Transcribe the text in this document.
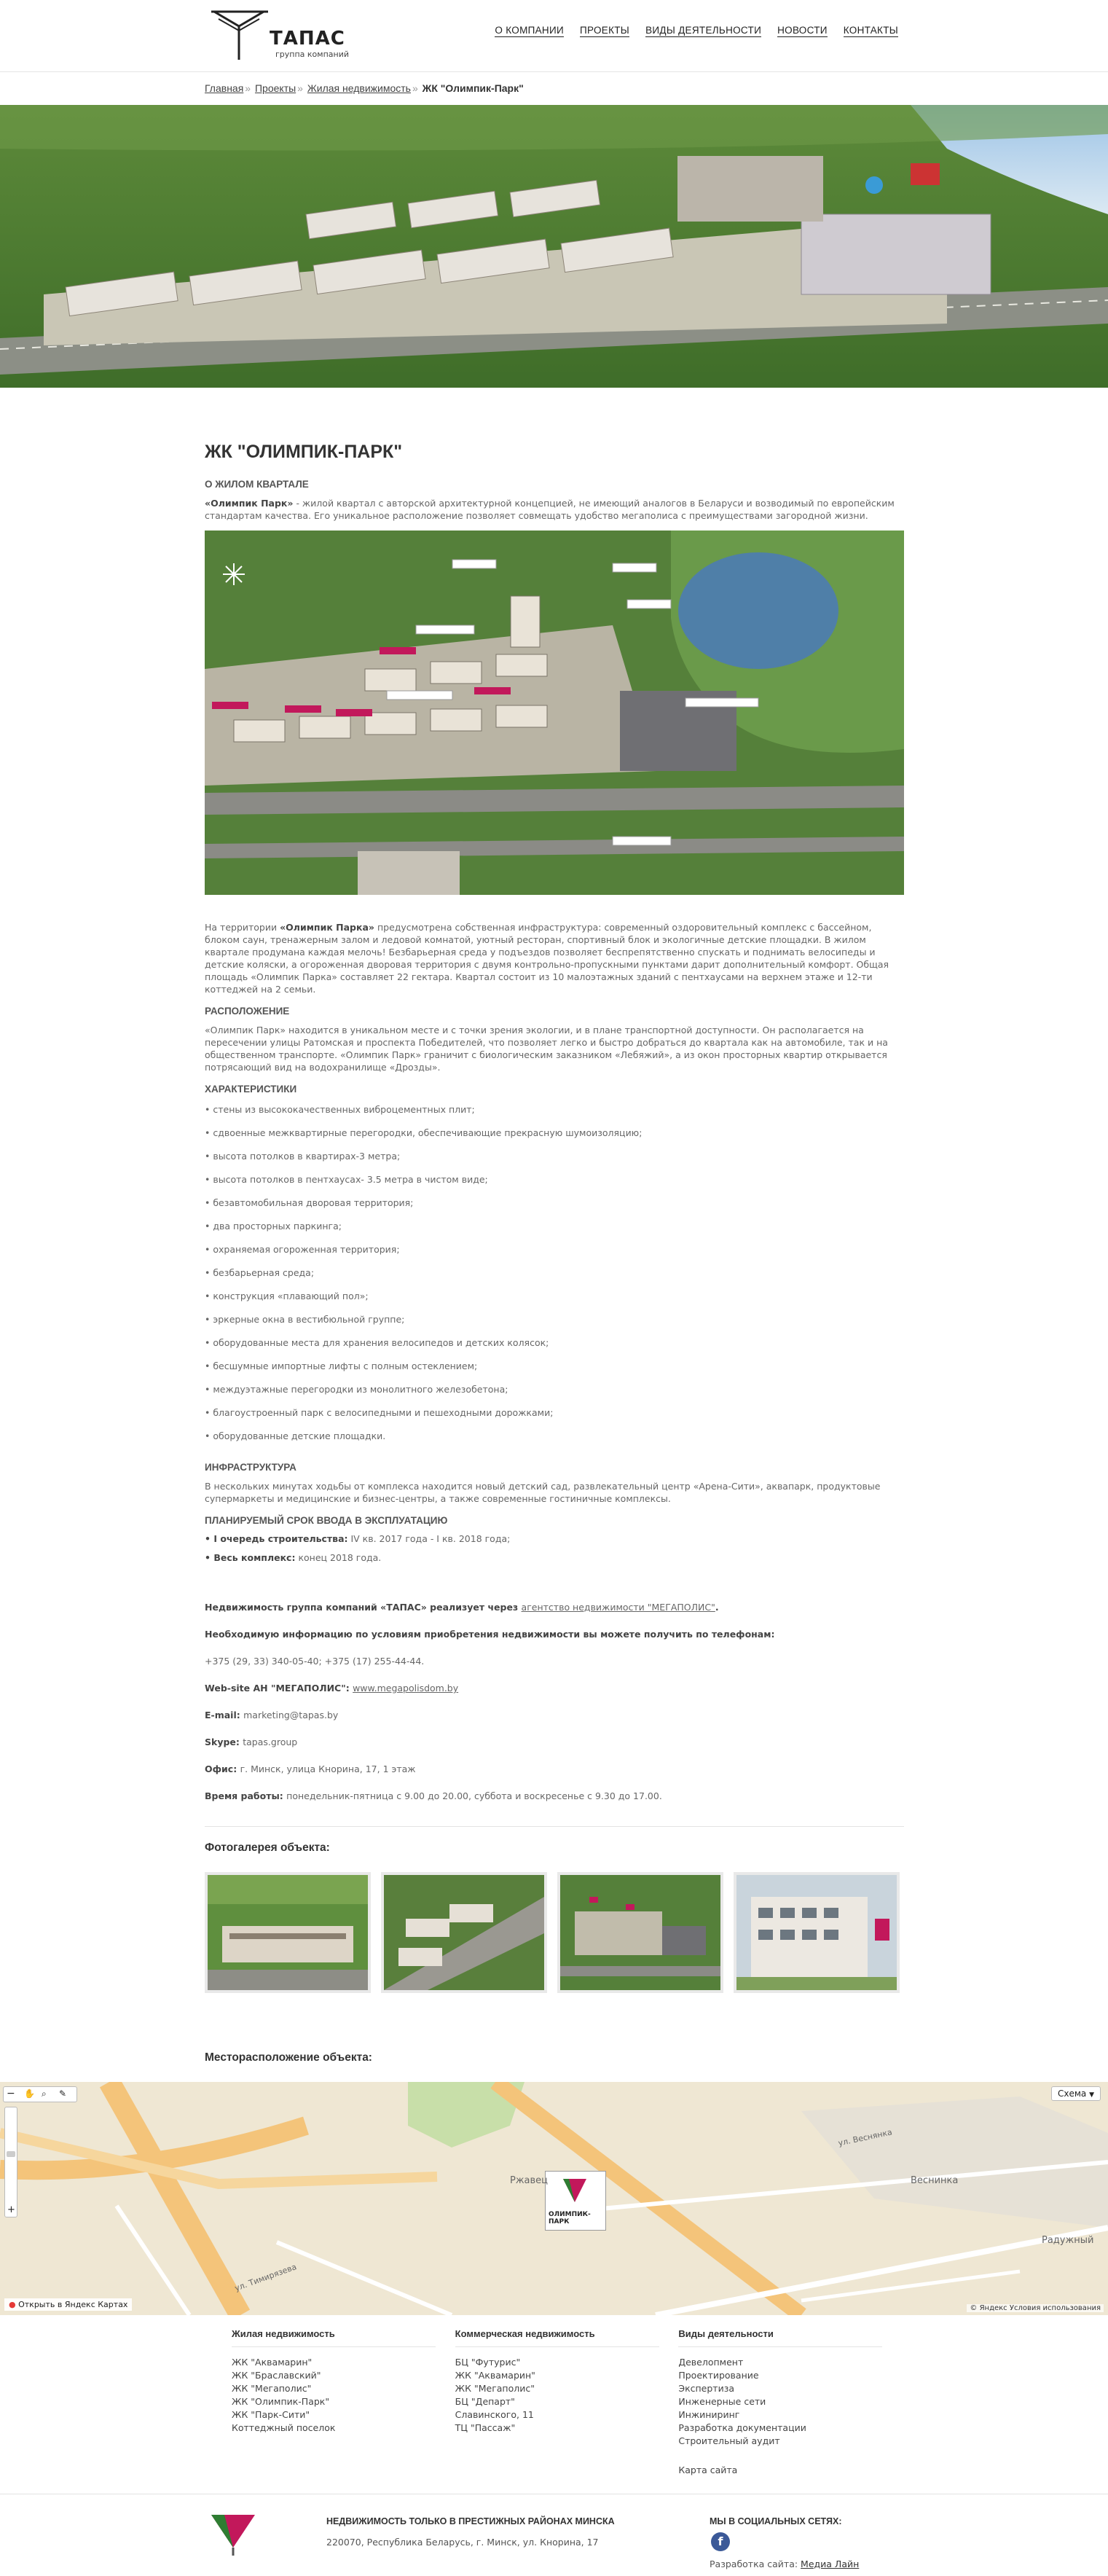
ТАПАС
группа компаний
О КОМПАНИИ ПРОЕКТЫ ВИДЫ ДЕЯТЕЛЬНОСТИ НОВОСТИ КОНТАКТЫ
Главная » Проекты » Жилая недвижимость » ЖК "Олимпик-Парк"
ЖК "ОЛИМПИК-ПАРК"
О ЖИЛОМ КВАРТАЛЕ

«Олимпик Парк» - жилой квартал с авторской архитектурной концепцией, не имеющий аналогов в Беларуси и возводимый по европейским стандартам качества. Его уникальное расположение позволяет совмещать удобство мегаполиса с преимуществами загородной жизни.

На территории «Олимпик Парка» предусмотрена собственная инфраструктура: современный оздоровительный комплекс с бассейном, блоком саун, тренажерным залом и ледовой комнатой, уютный ресторан, спортивный блок и экологичные детские площадки. В жилом квартале продумана каждая мелочь! Безбарьерная среда у подъездов позволяет беспрепятственно спускать и поднимать велосипеды и детские коляски, а огороженная дворовая территория с двумя контрольно-пропускными пунктами дарит дополнительный комфорт. Общая площадь «Олимпик Парка» составляет 22 гектара. Квартал состоит из 10 малоэтажных зданий с пентхаусами на верхнем этаже и 12-ти коттеджей на 2 семьи.

РАСПОЛОЖЕНИЕ

«Олимпик Парк» находится в уникальном месте и с точки зрения экологии, и в плане транспортной доступности. Он располагается на пересечении улицы Ратомская и проспекта Победителей, что позволяет легко и быстро добраться до квартала как на автомобиле, так и на общественном транспорте. «Олимпик Парк» граничит с биологическим заказником «Лебяжий», а из окон просторных квартир открывается потрясающий вид на водохранилище «Дрозды».

ХАРАКТЕРИСТИКИ
• стены из высококачественных виброцементных плит;
• сдвоенные межквартирные перегородки, обеспечивающие прекрасную шумоизоляцию;
• высота потолков в квартирах-3 метра;
• высота потолков в пентхаусах- 3.5 метра в чистом виде;
• безавтомобильная дворовая территория;
• два просторных паркинга;
• охраняемая огороженная территория;
• безбарьерная среда;
• конструкция «плавающий пол»;
• эркерные окна в вестибюльной группе;
• оборудованные места для хранения велосипедов и детских колясок;
• бесшумные импортные лифты с полным остеклением;
• междуэтажные перегородки из монолитного железобетона;
• благоустроенный парк с велосипедными и пешеходными дорожками;
• оборудованные детские площадки.
ИНФРАСТРУКТУРА

В нескольких минутах ходьбы от комплекса находится новый детский сад, развлекательный центр «Арена-Сити», аквапарк, продуктовые супермаркеты и медицинские и бизнес-центры, а также современные гостиничные комплексы.

ПЛАНИРУЕМЫЙ СРОК ВВОДА В ЭКСПЛУАТАЦИЮ
• I очередь строительства: IV кв. 2017 года - I кв. 2018 года;
• Весь комплекс: конец 2018 года.

Недвижимость группа компаний «ТАПАС» реализует через агентство недвижимости "МЕГАПОЛИС".

Необходимую информацию по условиям приобретения недвижимости вы можете получить по телефонам:

+375 (29, 33) 340-05-40; +375 (17) 255-44-44.

Web-site АН "МЕГАПОЛИС": www.megapolisdom.by

E-mail: marketing@tapas.by

Skype: tapas.group

Офис: г. Минск, улица Кнорина, 17, 1 этаж

Время работы: понедельник-пятница с 9.00 до 20.00, суббота и воскресенье с 9.30 до 17.00.

Фотогалерея объекта:
Месторасположение объекта:
ОЛИМПИК-ПАРК
Ржавец	Веснинка
Радужный
ул. Тимирязева
ул. Веснянка
− ✋ ⌕ ✎
+
Схема ▼
● Открыть в Яндекс Картах	© Яндекс Условия использования
Жилая недвижимость
ЖК "Аквамарин"
ЖК "Браславский"
ЖК "Мегаполис"
ЖК "Олимпик-Парк"
ЖК "Парк-Сити"
Коттеджный поселок
Коммерческая недвижимость
БЦ "Футурис"
ЖК "Аквамарин"
ЖК "Мегаполис"
БЦ "Департ"
Славинского, 11
ТЦ "Пассаж"
Виды деятельности
Девелопмент
Проектирование
Экспертиза
Инженерные сети
Инжиниринг
Разработка документации
Строительный аудит
Карта сайта
НЕДВИЖИМОСТЬ ТОЛЬКО В ПРЕСТИЖНЫХ РАЙОНАХ МИНСКА
220070, Республика Беларусь, г. Минск, ул. Кнорина, 17
МЫ В СОЦИАЛЬНЫХ СЕТЯХ:
f
Разработка сайта: Медиа Лайн
